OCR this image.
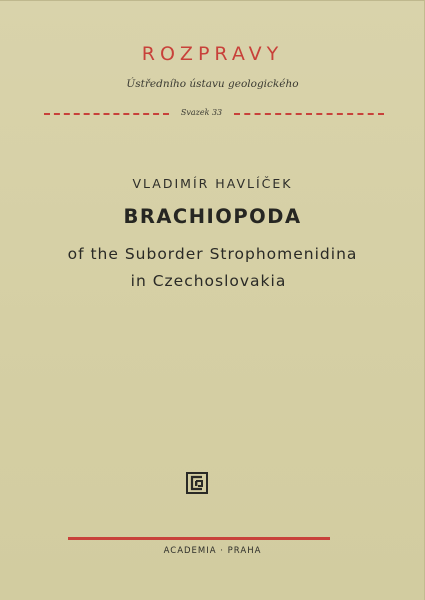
ROZPRAVY
Ústředního ústavu geologického
Svazek 33
VLADIMÍR HAVLÍČEK
BRACHIOPODA
of the Suborder Strophomenidina
in Czechoslovakia
ACADEMIA · PRAHA
